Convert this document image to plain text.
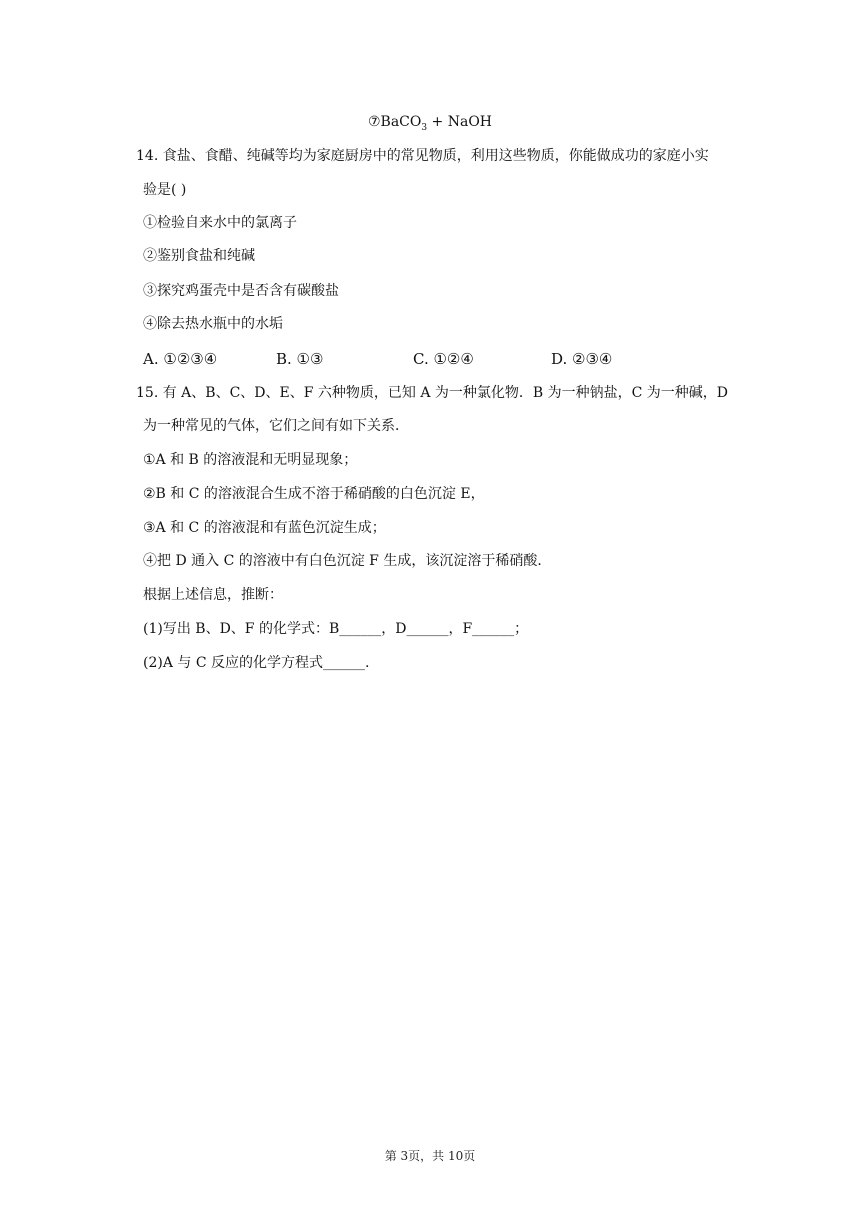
⑦BaCO$_3$ + NaOH
14. 食盐、食醋、纯碱等均为家庭厨房中的常见物质，利用这些物质，你能做成功的家庭小实
验是( )
①检验自来水中的氯离子
②鉴别食盐和纯碱
③探究鸡蛋壳中是否含有碳酸盐
④除去热水瓶中的水垢
A. ①②③④	B. ①③	C. ①②④	D. ②③④
15. 有 A、B、C、D、E、F 六种物质，已知 A 为一种氯化物．B 为一种钠盐，C 为一种碱，D
为一种常见的气体，它们之间有如下关系．
①A 和 B 的溶液混和无明显现象；
②B 和 C 的溶液混合生成不溶于稀硝酸的白色沉淀 E，
③A 和 C 的溶液混和有蓝色沉淀生成；
④把 D 通入 C 的溶液中有白色沉淀 F 生成，该沉淀溶于稀硝酸．
根据上述信息，推断：
(1)写出 B、D、F 的化学式：B______，D______，F______；
(2)A 与 C 反应的化学方程式______.
第 3页，共 10页
